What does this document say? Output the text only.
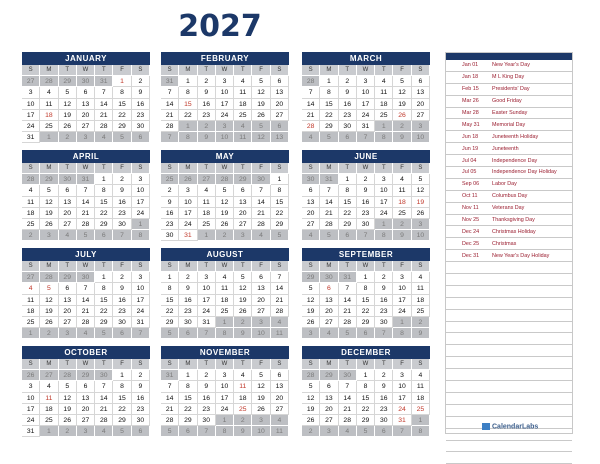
2027
JANUARY
S	M	T	W	T	F	S
27	28	29	30	31	1	2
3	4	5	6	7	8	9
10	11	12	13	14	15	16
17	18	19	20	21	22	23
24	25	26	27	28	29	30
31	1	2	3	4	5	6
FEBRUARY
S	M	T	W	T	F	S
31	1	2	3	4	5	6
7	8	9	10	11	12	13
14	15	16	17	18	19	20
21	22	23	24	25	26	27
28	1	2	3	4	5	6
7	8	9	10	11	12	13
MARCH
S	M	T	W	T	F	S
28	1	2	3	4	5	6
7	8	9	10	11	12	13
14	15	16	17	18	19	20
21	22	23	24	25	26	27
28	29	30	31	1	2	3
4	5	6	7	8	9	10
APRIL
S	M	T	W	T	F	S
28	29	30	31	1	2	3
4	5	6	7	8	9	10
11	12	13	14	15	16	17
18	19	20	21	22	23	24
25	26	27	28	29	30	1
2	3	4	5	6	7	8
MAY
S	M	T	W	T	F	S
25	26	27	28	29	30	1
2	3	4	5	6	7	8
9	10	11	12	13	14	15
16	17	18	19	20	21	22
23	24	25	26	27	28	29
30	31	1	2	3	4	5
JUNE
S	M	T	W	T	F	S
30	31	1	2	3	4	5
6	7	8	9	10	11	12
13	14	15	16	17	18	19
20	21	22	23	24	25	26
27	28	29	30	1	2	3
4	5	6	7	8	9	10
JULY
S	M	T	W	T	F	S
27	28	29	30	1	2	3
4	5	6	7	8	9	10
11	12	13	14	15	16	17
18	19	20	21	22	23	24
25	26	27	28	29	30	31
1	2	3	4	5	6	7
AUGUST
S	M	T	W	T	F	S
1	2	3	4	5	6	7
8	9	10	11	12	13	14
15	16	17	18	19	20	21
22	23	24	25	26	27	28
29	30	31	1	2	3	4
5	6	7	8	9	10	11
SEPTEMBER
S	M	T	W	T	F	S
29	30	31	1	2	3	4
5	6	7	8	9	10	11
12	13	14	15	16	17	18
19	20	21	22	23	24	25
26	27	28	29	30	1	2
3	4	5	6	7	8	9
OCTOBER
S	M	T	W	T	F	S
26	27	28	29	30	1	2
3	4	5	6	7	8	9
10	11	12	13	14	15	16
17	18	19	20	21	22	23
24	25	26	27	28	29	30
31	1	2	3	4	5	6
NOVEMBER
S	M	T	W	T	F	S
31	1	2	3	4	5	6
7	8	9	10	11	12	13
14	15	16	17	18	19	20
21	22	23	24	25	26	27
28	29	30	1	2	3	4
5	6	7	8	9	10	11
DECEMBER
S	M	T	W	T	F	S
28	29	30	1	2	3	4
5	6	7	8	9	10	11
12	13	14	15	16	17	18
19	20	21	22	23	24	25
26	27	28	29	30	31	1
2	3	4	5	6	7	8
Jan 01	New Year's Day
Jan 18	M L King Day
Feb 15	Presidents' Day
Mar 26	Good Friday
Mar 28	Easter Sunday
May 31	Memorial Day
Jun 18	Juneteenth Holiday
Jun 19	Juneteenth
Jul 04	Independence Day
Jul 05	Independence Day Holiday
Sep 06	Labor Day
Oct 11	Columbus Day
Nov 11	Veterans Day
Nov 25	Thanksgiving Day
Dec 24	Christmas Holiday
Dec 25	Christmas
Dec 31	New Year's Day Holiday
CalendarLabs
